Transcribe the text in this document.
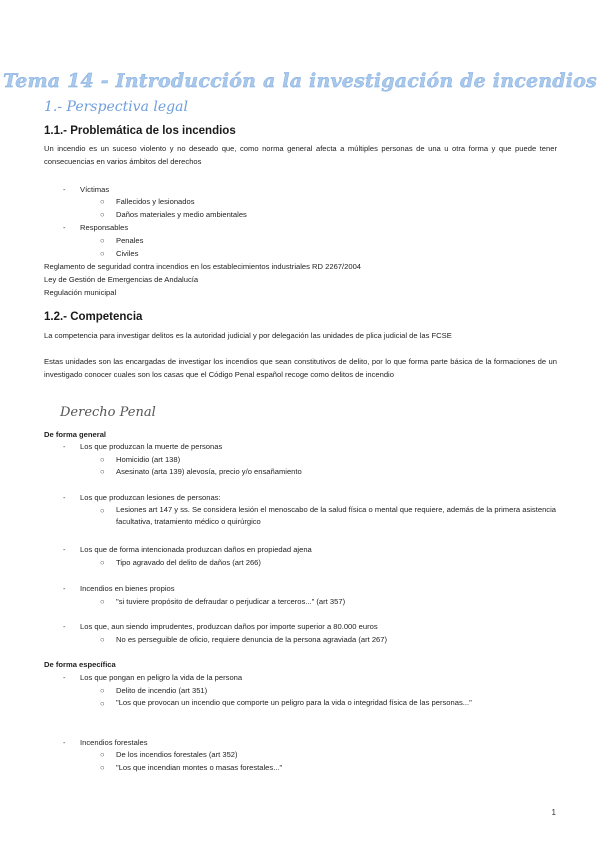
Tema 14 - Introducción a la investigación de incendios
1.- Perspectiva legal
1.1.- Problemática de los incendios
Un incendio es un suceso violento y no deseado que, como norma general afecta a múltiples personas de una u otra forma y que puede tener consecuencias en varios ámbitos del derechos
- Víctimas
○ Fallecidos y lesionados
○ Daños materiales y medio ambientales
- Responsables
○ Penales
○ Civiles
Reglamento de seguridad contra incendios en los establecimientos industriales RD 2267/2004
Ley de Gestión de Emergencias de Andalucía
Regulación municipal
1.2.- Competencia
La competencia para investigar delitos es la autoridad judicial y por delegación las unidades de plica judicial de las FCSE
Estas unidades son las encargadas de investigar los incendios que sean constitutivos de delito, por lo que forma parte básica de la formaciones de un investigado conocer cuales son los casas que el Código Penal español recoge como delitos de incendio
Derecho Penal
De forma general
- Los que produzcan la muerte de personas
○ Homicidio (art 138)
○ Asesinato (arta 139) alevosía, precio y/o ensañamiento
- Los que produzcan lesiones de personas:
○ Lesiones art 147 y ss. Se considera lesión el menoscabo de la salud física o mental que requiere, además de la primera asistencia facultativa, tratamiento médico o quirúrgico
- Los que de forma intencionada produzcan daños en propiedad ajena
○ Tipo agravado del delito de daños (art 266)
- Incendios en bienes propios
○ "si tuviere propósito de defraudar o perjudicar a terceros..." (art 357)
- Los que, aun siendo imprudentes, produzcan daños por importe superior a 80.000 euros
○ No es perseguible de oficio, requiere denuncia de la persona agraviada (art 267)
De forma específica
- Los que pongan en peligro la vida de la persona
○ Delito de incendio (art 351)
○ "Los que provocan un incendio que comporte un peligro para la vida o integridad física de las personas..."
- Incendios forestales
○ De los incendios forestales (art 352)
○ "Los que incendian montes o masas forestales..."
1
